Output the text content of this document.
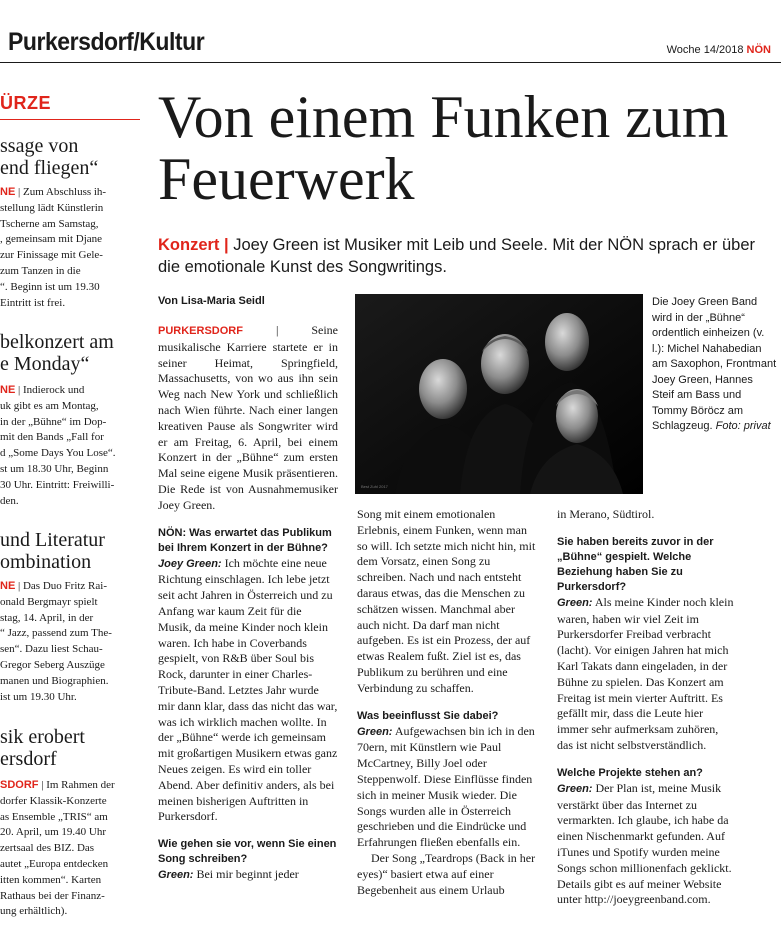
Purkersdorf/Kultur	Woche 14/2018 NÖN
ÜRZE
ssage von
end fliegen“
NE | Zum Abschluss ih-
stellung lädt Künstlerin
Tscherne am Samstag,
, gemeinsam mit Djane
zur Finissage mit Gele-
zum Tanzen in die
“. Beginn ist um 19.30
Eintritt ist frei.
belkonzert am
e Monday“
NE | Indierock und
uk gibt es am Montag,
in der „Bühne“ im Dop-
mit den Bands „Fall for
d „Some Days You Lose“.
st um 18.30 Uhr, Beginn
30 Uhr. Eintritt: Freiwilli-
den.
und Literatur
ombination
NE | Das Duo Fritz Rai-
onald Bergmayr spielt
stag, 14. April, in der
“ Jazz, passend zum The-
sen“. Dazu liest Schau-
Gregor Seberg Auszüge
manen und Biographien.
ist um 19.30 Uhr.
sik erobert
ersdorf
SDORF | Im Rahmen der
dorfer Klassik-Konzerte
as Ensemble „TRIS“ am
20. April, um 19.40 Uhr
zertsaal des BIZ. Das
autet „Europa entdecken
itten kommen“. Karten
Rathaus bei der Finanz-
ung erhältlich).
Von einem Funken zum Feuerwerk
Konzert | Joey Green ist Musiker mit Leib und Seele. Mit der NÖN sprach er über die emotionale Kunst des Songwritings.
Von Lisa-Maria Seidl
Best Zuhl 2017
Die Joey Green Band wird in der „Bühne“ ordentlich einheizen (v. l.): Michel Nahabedian am Saxophon, Frontmant Joey Green, Hannes Steif am Bass und Tommy Böröcz am Schlagzeug. Foto: privat
PURKERSDORF	| Seine musikalische Karriere startete er in seiner Heimat, Springfield, Massachusetts, von wo aus ihn sein Weg nach New York und schließlich nach Wien führte. Nach einer langen kreativen Pause als Songwriter wird er am Freitag, 6. April, bei einem Konzert in der „Bühne“ zum ersten Mal seine eigene Musik präsentieren. Die Rede ist von Ausnahmemusiker Joey Green.
NÖN: Was erwartet das Publikum bei Ihrem Konzert in der Bühne?
Joey Green: Ich möchte eine neue Richtung einschlagen. Ich lebe jetzt seit acht Jahren in Österreich und zu Anfang war kaum Zeit für die Musik, da meine Kinder noch klein waren. Ich habe in Coverbands gespielt, von R&B über Soul bis Rock, darunter in einer Charles-Tribute-Band. Letztes Jahr wurde mir dann klar, dass das nicht das war, was ich wirklich machen wollte. In der „Bühne“ werde ich gemeinsam mit großartigen Musikern etwas ganz Neues zeigen. Es wird ein toller Abend. Aber definitiv anders, als bei meinen bisherigen Auftritten in Purkersdorf.
Wie gehen sie vor, wenn Sie einen Song schreiben?
Green: Bei mir beginnt jeder
Song mit einem emotionalen Erlebnis, einem Funken, wenn man so will. Ich setzte mich nicht hin, mit dem Vorsatz, einen Song zu schreiben. Nach und nach entsteht daraus etwas, das die Menschen zu schätzen wissen. Manchmal aber auch nicht. Da darf man nicht aufgeben. Es ist ein Prozess, der auf etwas Realem fußt. Ziel ist es, das Publikum zu berühren und eine Verbindung zu schaffen.
Was beeinflusst Sie dabei?
Green: Aufgewachsen bin ich in den 70ern, mit Künstlern wie Paul McCartney, Billy Joel oder Steppenwolf. Diese Einflüsse finden sich in meiner Musik wieder. Die Songs wurden alle in Österreich geschrieben und die Eindrücke und Erfahrungen fließen ebenfalls ein.
Der Song „Teardrops (Back in her eyes)“ basiert etwa auf einer Begebenheit aus einem Urlaub
in Merano, Südtirol.
Sie haben bereits zuvor in der „Bühne“ gespielt. Welche Beziehung haben Sie zu Purkersdorf?
Green: Als meine Kinder noch klein waren, haben wir viel Zeit im Purkersdorfer Freibad verbracht (lacht). Vor einigen Jahren hat mich Karl Takats dann eingeladen, in der Bühne zu spielen. Das Konzert am Freitag ist mein vierter Auftritt. Es gefällt mir, dass die Leute hier immer sehr aufmerksam zuhören, das ist nicht selbstverständlich.
Welche Projekte stehen an?
Green: Der Plan ist, meine Musik verstärkt über das Internet zu vermarkten. Ich glaube, ich habe da einen Nischenmarkt gefunden. Auf iTunes und Spotify wurden meine Songs schon millionenfach geklickt. Details gibt es auf meiner Website unter http://joeygreenband.com.
